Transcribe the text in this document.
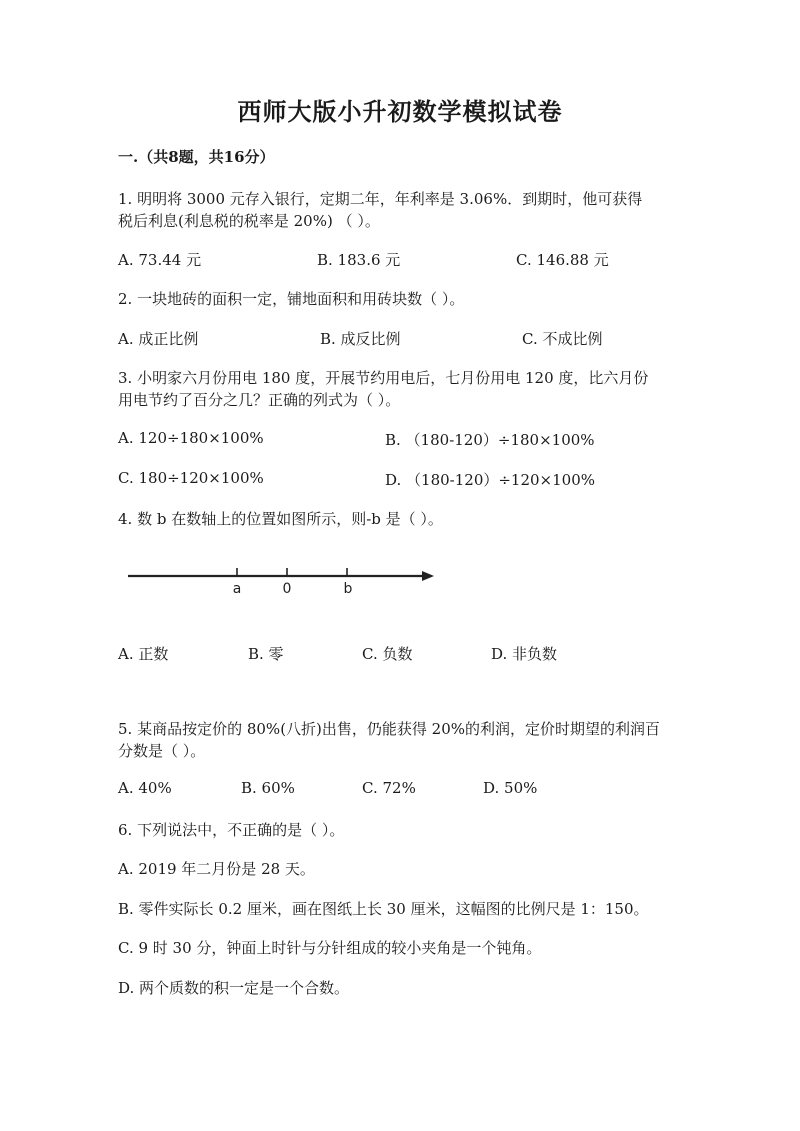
西师大版小升初数学模拟试卷
一.（共8题，共16分）
1. 明明将 3000 元存入银行，定期二年，年利率是 3.06%．到期时，他可获得
税后利息(利息税的税率是 20%) （ ）。
A. 73.44 元	B. 183.6 元	C. 146.88 元
2. 一块地砖的面积一定，铺地面积和用砖块数（ ）。
A. 成正比例	B. 成反比例	C. 不成比例
3. 小明家六月份用电 180 度，开展节约用电后，七月份用电 120 度，比六月份
用电节约了百分之几？正确的列式为（ ）。
A. 120÷180×100%	B. （180-120）÷180×100%
C. 180÷120×100%	D. （180-120）÷120×100%
4. 数 b 在数轴上的位置如图所示，则-b 是（ ）。
a	0	b
A. 正数	B. 零	C. 负数	D. 非负数
5. 某商品按定价的 80%(八折)出售，仍能获得 20%的利润，定价时期望的利润百
分数是（ ）。
A. 40%	B. 60%	C. 72%	D. 50%
6. 下列说法中，不正确的是（ ）。
A. 2019 年二月份是 28 天。
B. 零件实际长 0.2 厘米，画在图纸上长 30 厘米，这幅图的比例尺是 1：150。
C. 9 时 30 分，钟面上时针与分针组成的较小夹角是一个钝角。
D. 两个质数的积一定是一个合数。
